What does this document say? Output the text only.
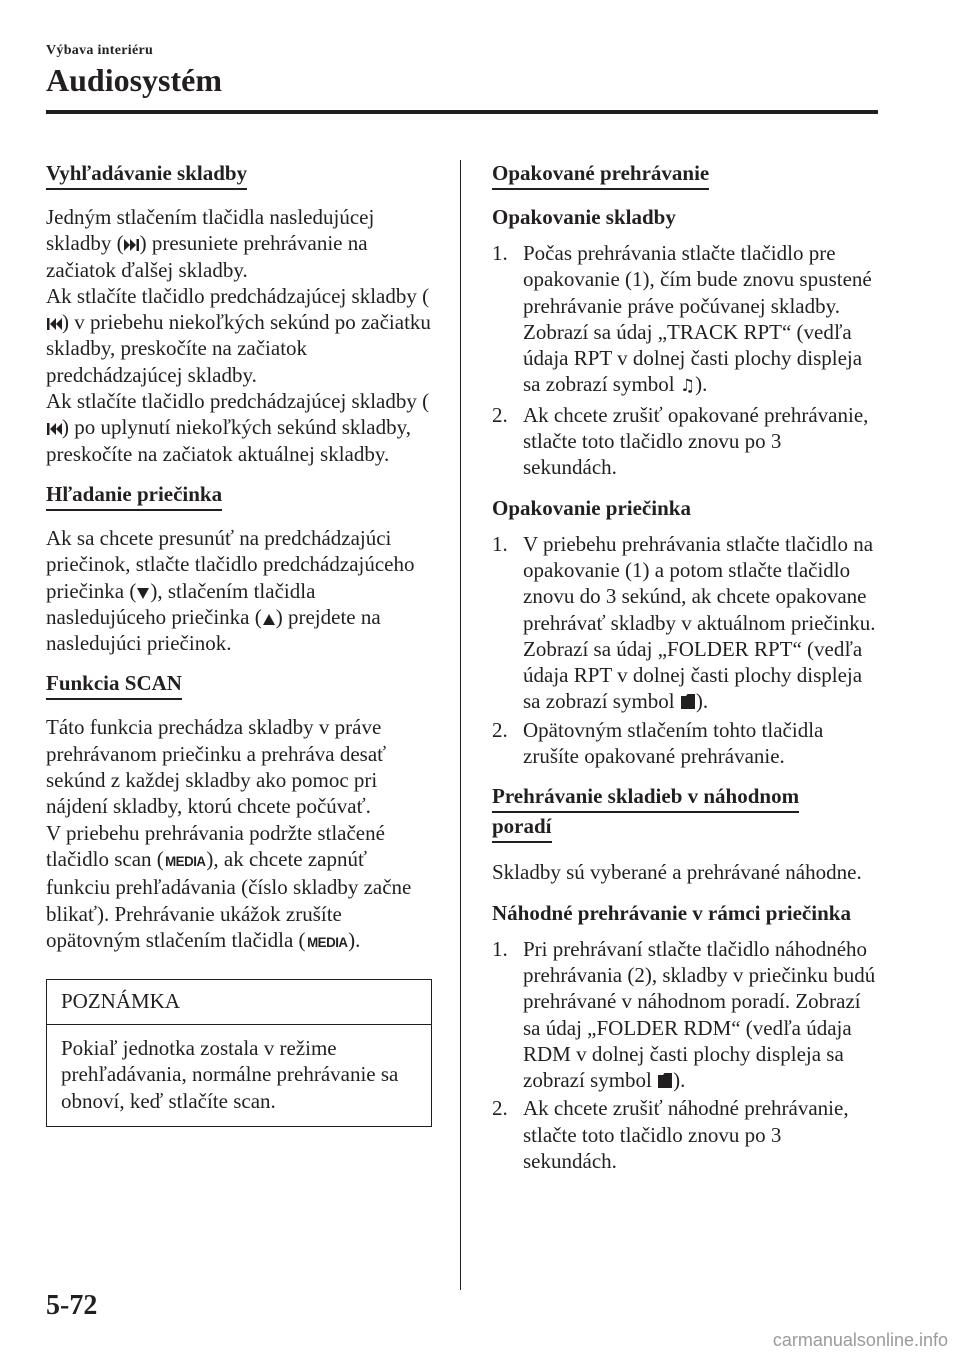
Výbava interiéru
Audiosystém
Vyhľadávanie skladby

Jedným stlačením tlačidla nasledujúcej skladby ( ) presuniete prehrávanie na začiatok ďalšej skladby.
Ak stlačíte tlačidlo predchádzajúcej skladby () v priebehu niekoľkých sekúnd po začiatku skladby, preskočíte na začiatok predchádzajúcej skladby.
Ak stlačíte tlačidlo predchádzajúcej skladby () po uplynutí niekoľkých sekúnd skladby, preskočíte na začiatok aktuálnej skladby.

Hľadanie priečinka

Ak sa chcete presunúť na predchádzajúci priečinok, stlačte tlačidlo predchádzajúceho priečinka ( ), stlačením tlačidla nasledujúceho priečinka ( ) prejdete na nasledujúci priečinok.

Funkcia SCAN

Táto funkcia prechádza skladby v práve prehrávanom priečinku a prehráva desať sekúnd z každej skladby ako pomoc pri nájdení skladby, ktorú chcete počúvať.

V priebehu prehrávania podržte stlačené tlačidlo scan (MEDIA), ak chcete zapnúť funkciu prehľadávania (číslo skladby začne blikať). Prehrávanie ukážok zrušíte opätovným stlačením tlačidla (MEDIA).

POZNÁMKA
Pokiaľ jednotka zostala v režime prehľadávania, normálne prehrávanie sa obnoví, keď stlačíte scan.
Opakované prehrávanie
Opakovanie skladby
1. Počas prehrávania stlačte tlačidlo pre opakovanie (1), čím bude znovu spustené prehrávanie práve počúvanej skladby. Zobrazí sa údaj „TRACK RPT“ (vedľa údaja RPT v dolnej časti plochy displeja sa zobrazí symbol ♫).
2. Ak chcete zrušiť opakované prehrávanie, stlačte toto tlačidlo znovu po 3 sekundách.
Opakovanie priečinka
1. V priebehu prehrávania stlačte tlačidlo na opakovanie (1) a potom stlačte tlačidlo znovu do 3 sekúnd, ak chcete opakovane prehrávať skladby v aktuálnom priečinku. Zobrazí sa údaj „FOLDER RPT“ (vedľa údaja RPT v dolnej časti plochy displeja sa zobrazí symbol ).
2. Opätovným stlačením tohto tlačidla zrušíte opakované prehrávanie.
Prehrávanie skladieb v náhodnom
poradí

Skladby sú vyberané a prehrávané náhodne.

Náhodné prehrávanie v rámci priečinka
1. Pri prehrávaní stlačte tlačidlo náhodného prehrávania (2), skladby v priečinku budú prehrávané v náhodnom poradí. Zobrazí sa údaj „FOLDER RDM“ (vedľa údaja RDM v dolnej časti plochy displeja sa zobrazí symbol ).
2. Ak chcete zrušiť náhodné prehrávanie, stlačte toto tlačidlo znovu po 3 sekundách.
5-72
carmanualsonline.info
